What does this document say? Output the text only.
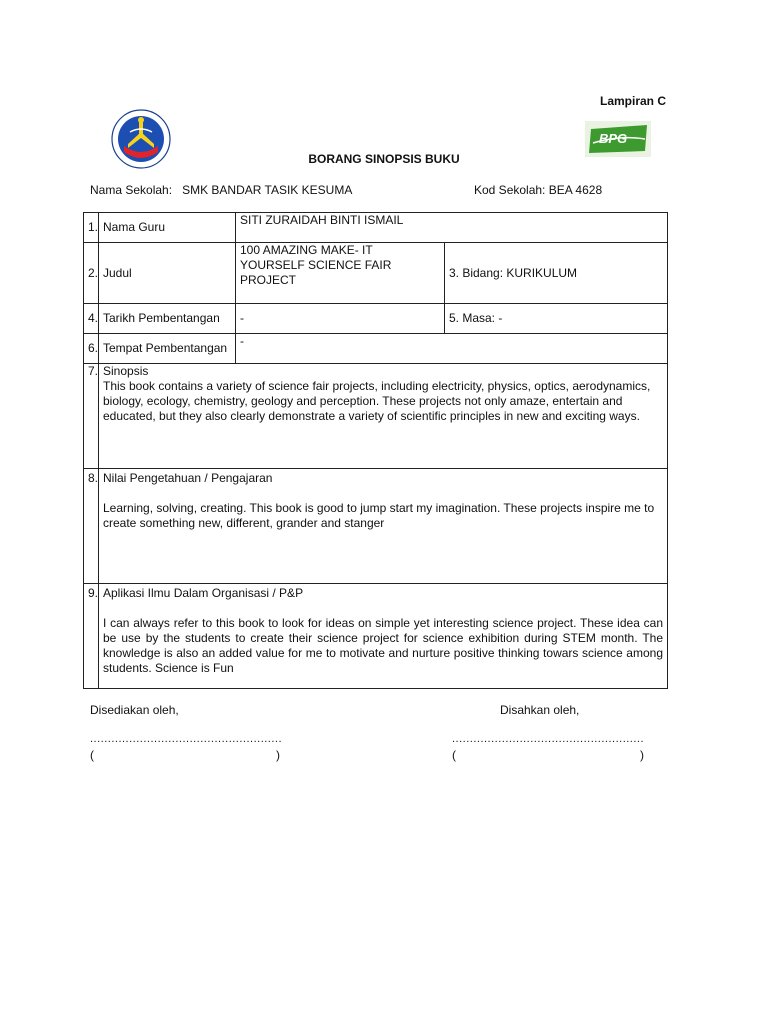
Lampiran C
BPG
BORANG SINOPSIS BUKU
Nama Sekolah: SMK BANDAR TASIK KESUMA	Kod Sekolah: BEA 4628
1.	Nama Guru	SITI ZURAIDAH BINTI ISMAIL	
2.	Judul	100 AMAZING MAKE- IT YOURSELF SCIENCE FAIR PROJECT	3. Bidang: KURIKULUM
4.	Tarikh Pembentangan	-	5. Masa: -
6.	Tempat Pembentangan	-	
7.	Sinopsis
This book contains a variety of science fair projects, including electricity, physics, optics, aerodynamics, biology, ecology, chemistry, geology and perception. These projects not only amaze, entertain and educated, but they also clearly demonstrate a variety of scientific principles in new and exciting ways.		

8.	Nilai Pengetahuan / Pengajaran
Learning, solving, creating. This book is good to jump start my imagination. These projects inspire me to create something new, different, grander and stanger		

9.	Aplikasi Ilmu Dalam Organisasi / P&P
I can always refer to this book to look for ideas on simple yet interesting science project. These idea can be use by the students to create their science project for science exhibition during STEM month. The knowledge is also an added value for me to motivate and nurture positive thinking towars science among students. Science is Fun		
Disediakan oleh,	Disahkan oleh,
......................................................	......................................................
(	)	(	)
